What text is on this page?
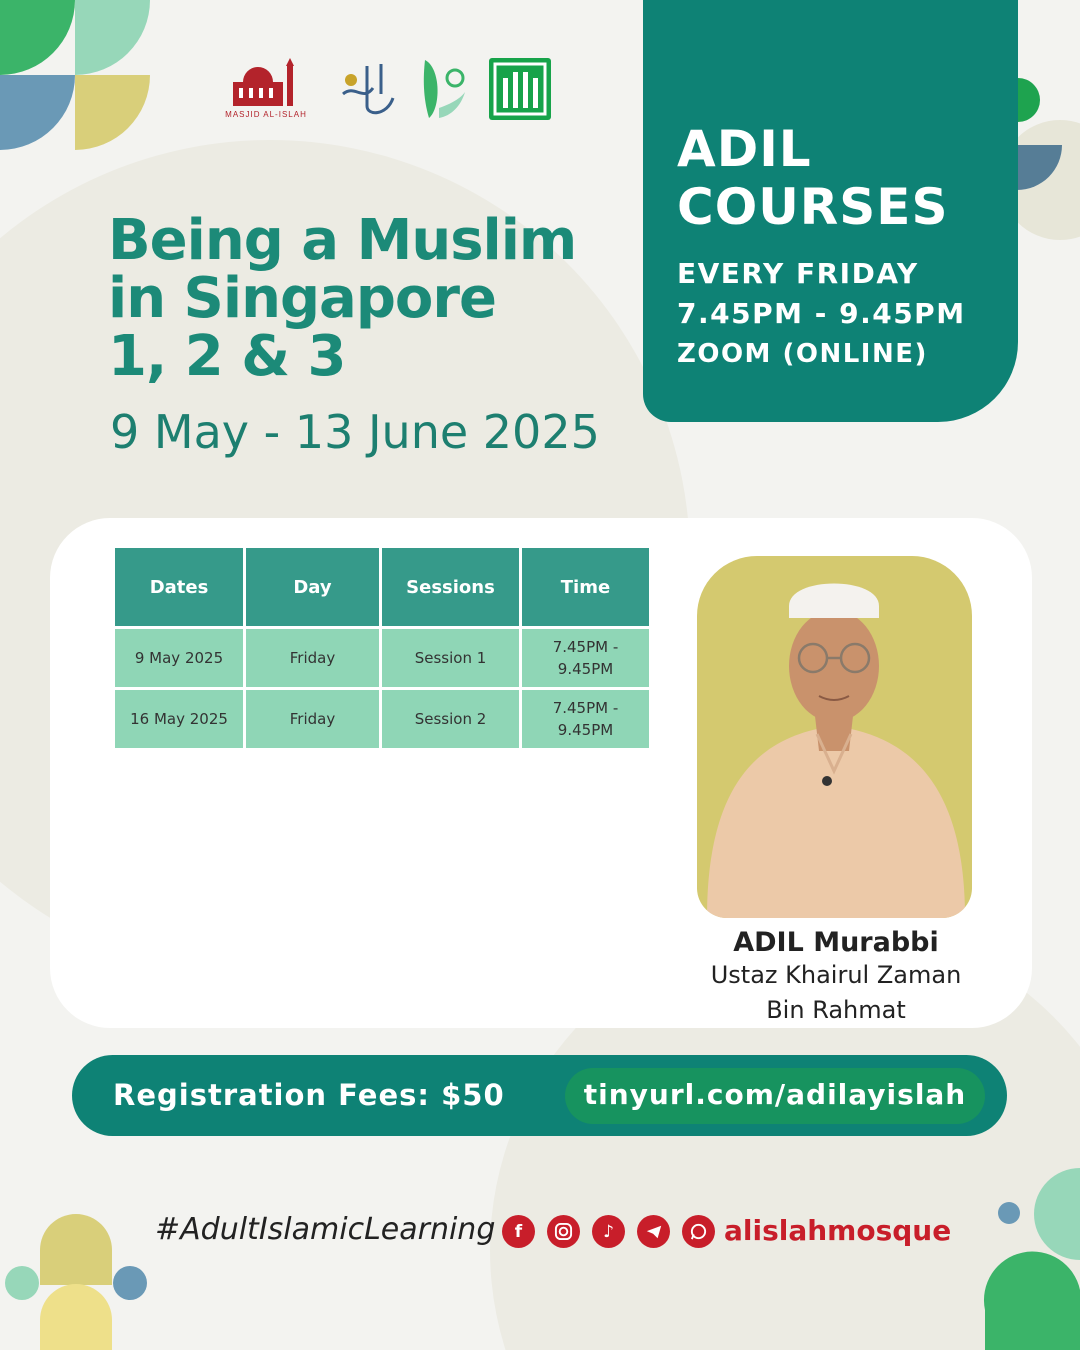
MASJID AL-ISLAH
Being a Muslim
in Singapore
1, 2 & 3
9 May - 13 June 2025
ADIL
COURSES
EVERY FRIDAY
7.45PM - 9.45PM
ZOOM (ONLINE)
Dates	Day	Sessions	Time
9 May 2025	Friday	Session 1	7.45PM -
9.45PM

16 May 2025	Friday	Session 2	7.45PM -
9.45PM
ADIL Murabbi
Ustaz Khairul Zaman
Bin Rahmat
Registration Fees: $50	tinyurl.com/adilayislah
#AdultIslamicLearning	f	♪	alislahmosque
